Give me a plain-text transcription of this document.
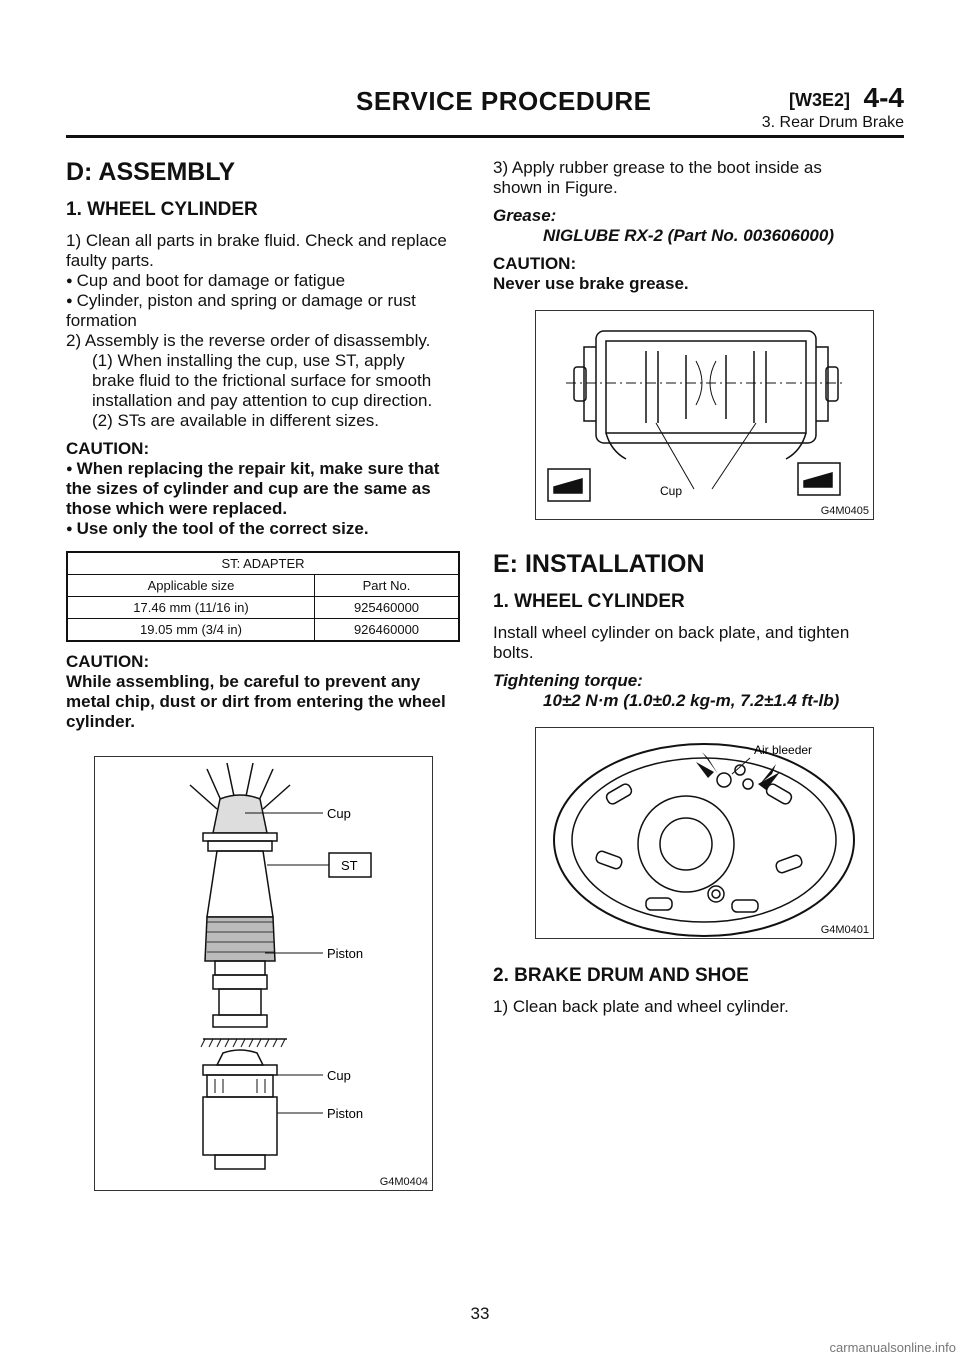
SERVICE PROCEDURE	[W3E2] 4-4
3. Rear Drum Brake
D: ASSEMBLY
1. WHEEL CYLINDER
1) Clean all parts in brake fluid. Check and replace
faulty parts.
● Cup and boot for damage or fatigue
● Cylinder, piston and spring or damage or rust
formation
2) Assembly is the reverse order of disassembly.
(1) When installing the cup, use ST, apply
brake fluid to the frictional surface for smooth
installation and pay attention to cup direction.
(2) STs are available in different sizes.
CAUTION:
● When replacing the repair kit, make sure that
the sizes of cylinder and cup are the same as
those which were replaced.
● Use only the tool of the correct size.
ST: ADAPTER	
Applicable size	Part No.
17.46 mm (11/16 in)	925460000
19.05 mm (3/4 in)	926460000
CAUTION:
While assembling, be careful to prevent any
metal chip, dust or dirt from entering the wheel
cylinder.
Cup
ST
Piston
Cup
Piston
G4M0404
3) Apply rubber grease to the boot inside as
shown in Figure.
Grease:
NIGLUBE RX-2 (Part No. 003606000)
CAUTION:
Never use brake grease.
Cup
G4M0405
E: INSTALLATION
1. WHEEL CYLINDER
Install wheel cylinder on back plate, and tighten
bolts.
Tightening torque:
10±2 N·m (1.0±0.2 kg-m, 7.2±1.4 ft-lb)
Air bleeder
G4M0401
2. BRAKE DRUM AND SHOE
1) Clean back plate and wheel cylinder.
33
carmanualsonline.info
